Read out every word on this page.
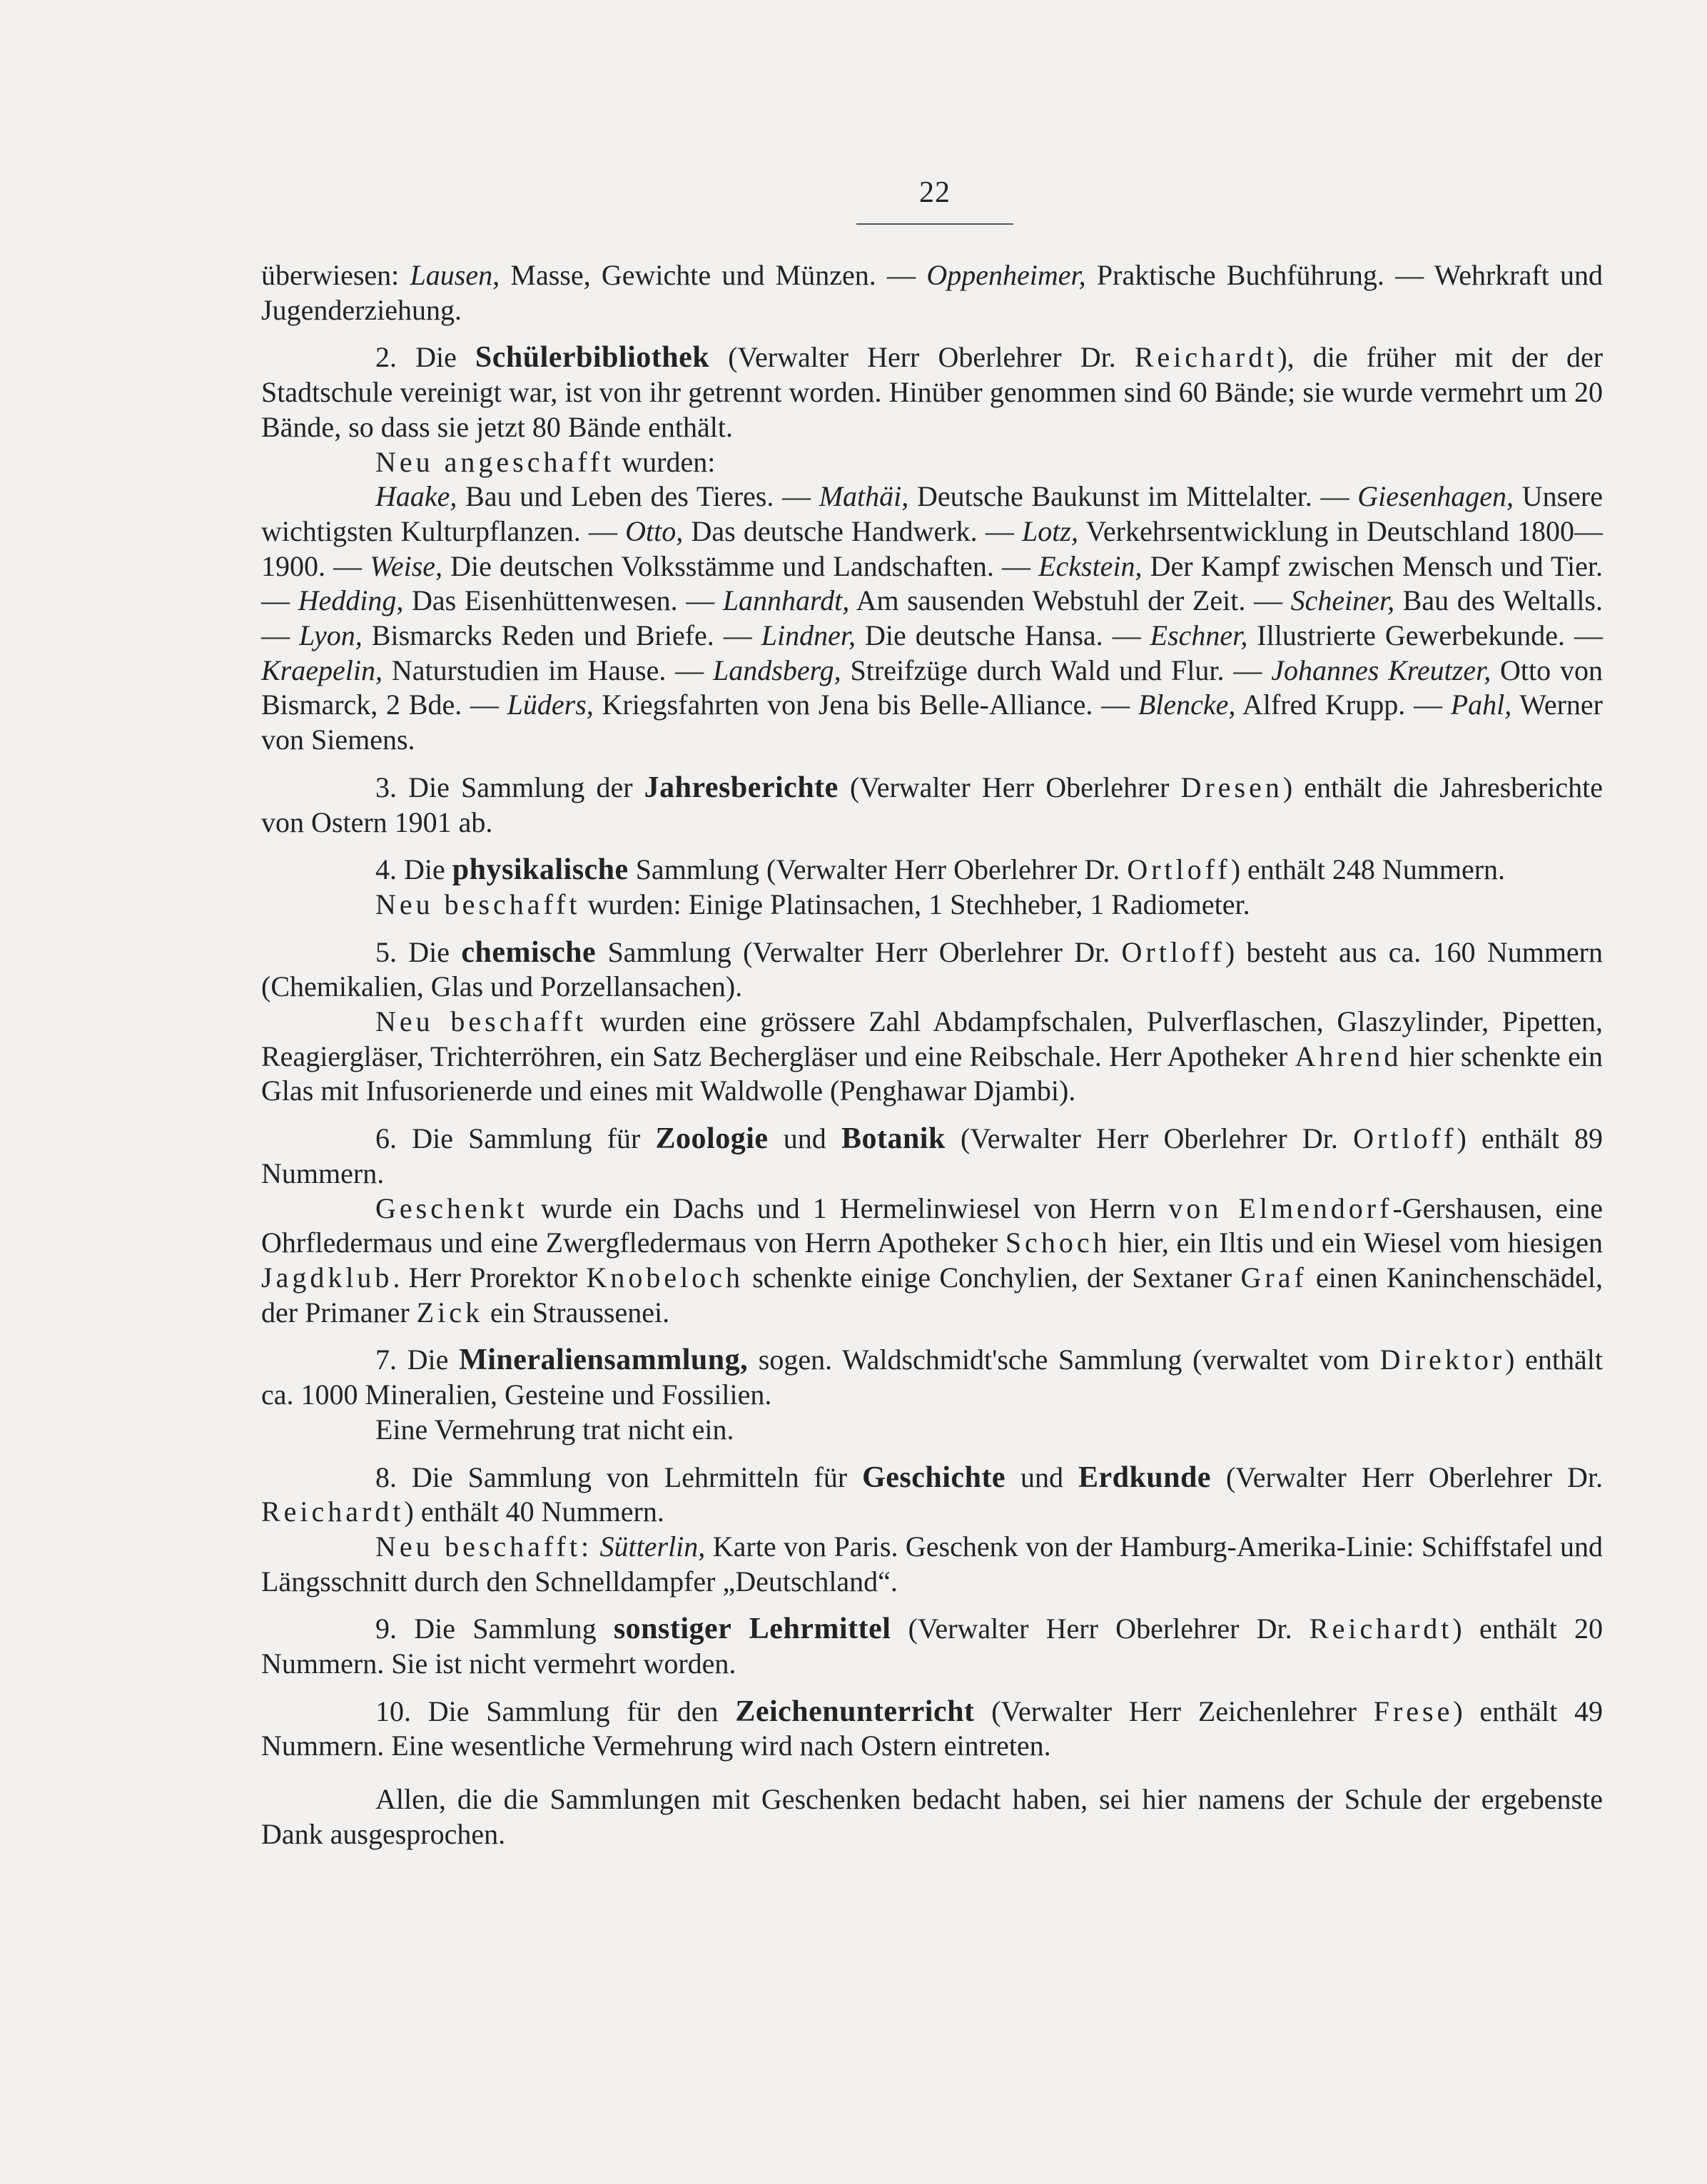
22

überwiesen: Lausen, Masse, Gewichte und Münzen. — Oppenheimer, Praktische Buchführung. — Wehrkraft und Jugenderziehung.

2. Die Schülerbibliothek (Verwalter Herr Oberlehrer Dr. Reichardt), die früher mit der der Stadtschule vereinigt war, ist von ihr getrennt worden. Hinüber genommen sind 60 Bände; sie wurde vermehrt um 20 Bände, so dass sie jetzt 80 Bände enthält.

Neu angeschafft wurden:

Haake, Bau und Leben des Tieres. — Mathäi, Deutsche Baukunst im Mittelalter. — Giesenhagen, Unsere wichtigsten Kulturpflanzen. — Otto, Das deutsche Handwerk. — Lotz, Verkehrsentwicklung in Deutschland 1800—1900. — Weise, Die deutschen Volksstämme und Landschaften. — Eckstein, Der Kampf zwischen Mensch und Tier. — Hedding, Das Eisenhüttenwesen. — Lannhardt, Am sausenden Webstuhl der Zeit. — Scheiner, Bau des Weltalls. — Lyon, Bismarcks Reden und Briefe. — Lindner, Die deutsche Hansa. — Eschner, Illustrierte Gewerbekunde. — Kraepelin, Naturstudien im Hause. — Landsberg, Streifzüge durch Wald und Flur. — Johannes Kreutzer, Otto von Bismarck, 2 Bde. — Lüders, Kriegsfahrten von Jena bis Belle-Alliance. — Blencke, Alfred Krupp. — Pahl, Werner von Siemens.

3. Die Sammlung der Jahresberichte (Verwalter Herr Oberlehrer Dresen) enthält die Jahresberichte von Ostern 1901 ab.

4. Die physikalische Sammlung (Verwalter Herr Oberlehrer Dr. Ortloff) enthält 248 Nummern.

Neu beschafft wurden: Einige Platinsachen, 1 Stechheber, 1 Radiometer.

5. Die chemische Sammlung (Verwalter Herr Oberlehrer Dr. Ortloff) besteht aus ca. 160 Nummern (Chemikalien, Glas und Porzellansachen).

Neu beschafft wurden eine grössere Zahl Abdampfschalen, Pulverflaschen, Glaszylinder, Pipetten, Reagiergläser, Trichterröhren, ein Satz Bechergläser und eine Reibschale. Herr Apotheker Ahrend hier schenkte ein Glas mit Infusorienerde und eines mit Waldwolle (Penghawar Djambi).

6. Die Sammlung für Zoologie und Botanik (Verwalter Herr Oberlehrer Dr. Ortloff) enthält 89 Nummern.

Geschenkt wurde ein Dachs und 1 Hermelinwiesel von Herrn von Elmendorf-Gershausen, eine Ohrfledermaus und eine Zwergfledermaus von Herrn Apotheker Schoch hier, ein Iltis und ein Wiesel vom hiesigen Jagdklub. Herr Prorektor Knobeloch schenkte einige Conchylien, der Sextaner Graf einen Kaninchenschädel, der Primaner Zick ein Straussenei.

7. Die Mineraliensammlung, sogen. Waldschmidt'sche Sammlung (verwaltet vom Direktor) enthält ca. 1000 Mineralien, Gesteine und Fossilien.

Eine Vermehrung trat nicht ein.

8. Die Sammlung von Lehrmitteln für Geschichte und Erdkunde (Verwalter Herr Oberlehrer Dr. Reichardt) enthält 40 Nummern.

Neu beschafft: Sütterlin, Karte von Paris. Geschenk von der Hamburg-Amerika-Linie: Schiffstafel und Längsschnitt durch den Schnelldampfer „Deutschland“.

9. Die Sammlung sonstiger Lehrmittel (Verwalter Herr Oberlehrer Dr. Reichardt) enthält 20 Nummern. Sie ist nicht vermehrt worden.

10. Die Sammlung für den Zeichenunterricht (Verwalter Herr Zeichenlehrer Frese) enthält 49 Nummern. Eine wesentliche Vermehrung wird nach Ostern eintreten.

Allen, die die Sammlungen mit Geschenken bedacht haben, sei hier namens der Schule der ergebenste Dank ausgesprochen.
